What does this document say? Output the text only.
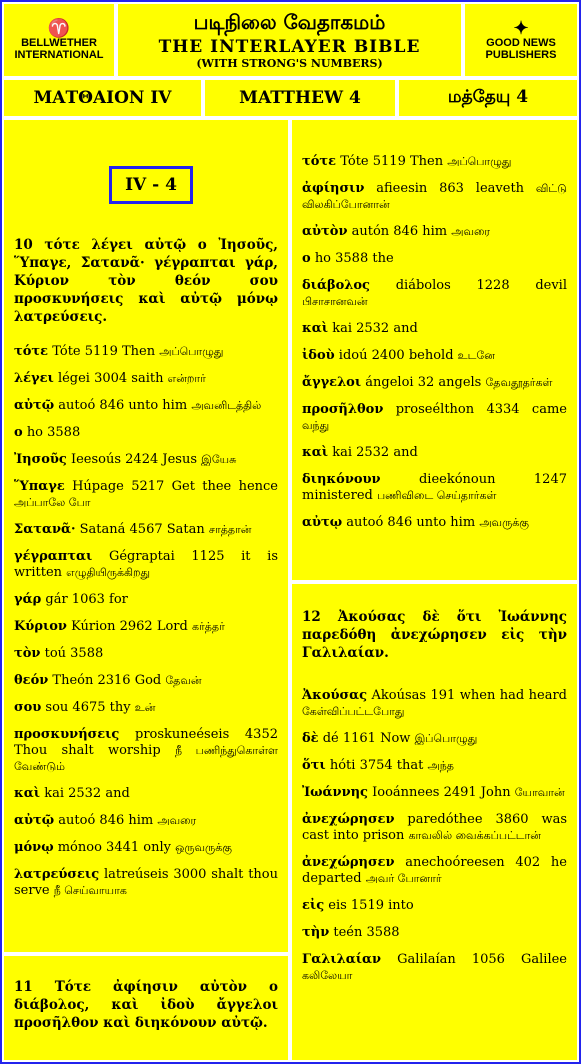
♈
BELLWETHER INTERNATIONAL
படிநிலை வேதாகமம்
THE INTERLAYER BIBLE
(WITH STRONG'S NUMBERS)
✦
GOOD NEWS PUBLISHERS
ΜΑΤΘΑΙΟΝ IV	MATTHEW 4	மத்தேயு 4
IV - 4
10 τότε λέγει αὐτῷ ο Ἰησοῦς, Ὕπαγε, Σατανᾶ· γέγραπται γάρ, Κύριον τὸν θεόν σου προσκυνήσεις καὶ αὐτῷ μόνῳ λατρεύσεις.
τότε Tóte 5119 Then அப்பொழுது
λέγει légei 3004 saith என்றார்
αὐτῷ autoó 846 unto him அவனிடத்தில்
ο ho 3588
Ἰησοῦς Ieesoús 2424 Jesus இயேசு
Ὕπαγε Húpage 5217 Get thee hence அப்பாலே போ
Σατανᾶ· Sataná 4567 Satan சாத்தான்
γέγραπται Gégraptai 1125 it is written எழுதியிருக்கிறது
γάρ gár 1063 for
Κύριον Kúrion 2962 Lord கர்த்தர்
τὸν toú 3588
θεόν Theón 2316 God தேவன்
σου sou 4675 thy உன்
προσκυνήσεις proskuneéseis 4352 Thou shalt worship நீ பணிந்துகொள்ள வேண்டும்
καὶ kai 2532 and
αὐτῷ autoó 846 him அவரை
μόνῳ mónoo 3441 only ஒருவருக்கு
λατρεύσεις latreúseis 3000 shalt thou serve நீ செய்வாயாக
11 Τότε ἀφίησιν αὐτὸν ο διάβολος, καὶ ἰδοὺ ἄγγελοι προσῆλθον καὶ διηκόνουν αὐτῷ.
τότε Tóte 5119 Then அப்பொழுது
ἀφίησιν afieesin 863 leaveth விட்டு விலகிப்போனான்
αὐτὸν autón 846 him அவரை
ο ho 3588 the
διάβολος diábolos 1228 devil பிசாசானவன்
καὶ kai 2532 and
ἰδοὺ idoú 2400 behold உடனே
ἄγγελοι ángeloi 32 angels தேவதூதர்கள்
προσῆλθον proseélthon 4334 came வந்து
καὶ kai 2532 and
διηκόνουν	dieekónoun 1247 ministered பணிவிடை செய்தார்கள்
αὐτῳ autoó 846 unto him அவருக்கு
12 Ἀκούσας δὲ ὅτι Ἰωάννης παρεδόθη ἀνεχώρησεν εἰς τὴν Γαλιλαίαν.
Ἀκούσας Akoúsas 191 when had heard கேள்விப்பட்டபோது
δὲ dé 1161 Now இப்பொழுது
ὅτι hóti 3754 that அந்த
Ἰωάννης Iooánnees 2491 John யோவான்
ἀνεχώρησεν paredóthee 3860 was cast into prison காவலில் வைக்கப்பட்டான்
ἀνεχώρησεν anechoóreesen 402 he departed அவர் போனார்
εἰς eis 1519 into
τὴν teén 3588
Γαλιλαίαν Galilaían 1056 Galilee கலிலேயா
